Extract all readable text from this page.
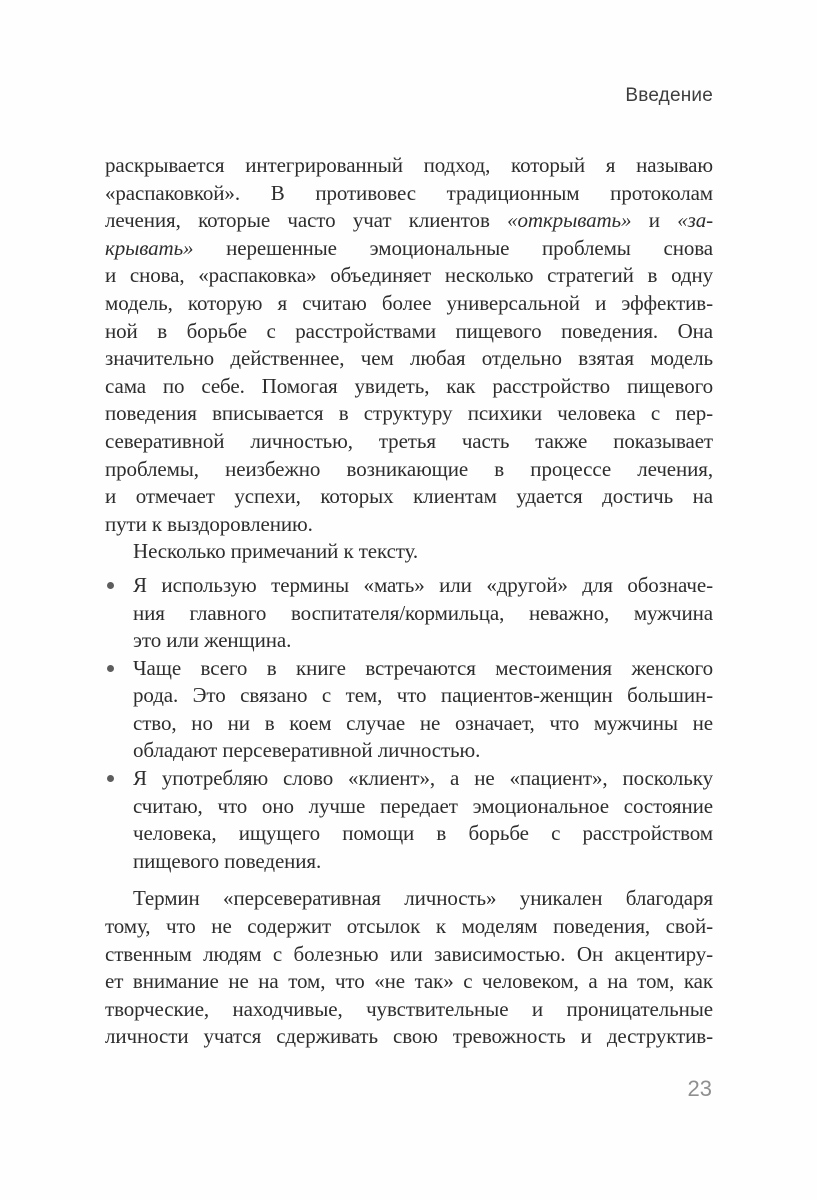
Введение
раскрывается интегрированный подход, который я называю
«распаковкой». В противовес традиционным протоколам
лечения, которые часто учат клиентов «открывать» и «за-
крывать» нерешенные эмоциональные проблемы снова
и снова, «распаковка» объединяет несколько стратегий в одну
модель, которую я считаю более универсальной и эффектив-
ной в борьбе с расстройствами пищевого поведения. Она
значительно действеннее, чем любая отдельно взятая модель
сама по себе. Помогая увидеть, как расстройство пищевого
поведения вписывается в структуру психики человека с пер-
северативной личностью, третья часть также показывает
проблемы, неизбежно возникающие в процессе лечения,
и отмечает успехи, которых клиентам удается достичь на
пути к выздоровлению.
Несколько примечаний к тексту.
Я использую термины «мать» или «другой» для обозначе-
ния главного воспитателя/кормильца, неважно, мужчина
это или женщина.
Чаще всего в книге встречаются местоимения женского
рода. Это связано с тем, что пациентов-женщин большин-
ство, но ни в коем случае не означает, что мужчины не
обладают персеверативной личностью.
Я употребляю слово «клиент», а не «пациент», поскольку
считаю, что оно лучше передает эмоциональное состояние
человека, ищущего помощи в борьбе с расстройством
пищевого поведения.
Термин «персеверативная личность» уникален благодаря
тому, что не содержит отсылок к моделям поведения, свой-
ственным людям с болезнью или зависимостью. Он акцентиру-
ет внимание не на том, что «не так» с человеком, а на том, как
творческие, находчивые, чувствительные и проницательные
личности учатся сдерживать свою тревожность и деструктив-
23
